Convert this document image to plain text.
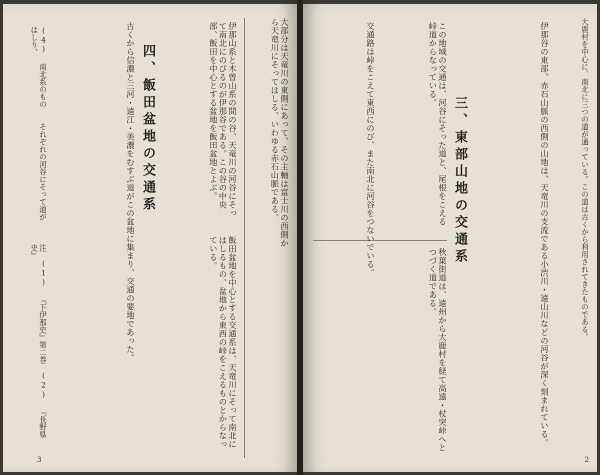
大部分は天竜川の東側にあって、その主軸は富士川の西側から天竜川にそってはしる、いわゆる赤石山脈である。
伊那山系と木曽山系の間の谷、天竜川の河谷にそって南北にのびるのが伊那谷である。この谷の中央部、飯田を中心とする盆地を飯田盆地とよぶ。
飯田盆地を中心とする交通系は、天竜川にそって南北にはしるもの、盆地から東西の峠をこえるものとからなっている。
四、飯田盆地の交通系
古くから信濃と三河・遠江・美濃をむすぶ道がこの盆地に集まり、交通の要地であった。
(4) 南北系のもの　　それぞれの河谷にそって道がはしり、
注　(1) 『下伊那史』第二巻　(2) 『長野県史』
3
大鹿村を中心に、南北に三つの道が通っている。この道は古くから利用されてきたものである。
伊那谷の東部、赤石山脈の西側の山地は、天竜川の支流である小渋川・遠山川などの河谷が深く刻まれている。
三、東部山地の交通系
この地域の交通は、河谷にそった道と、尾根をこえる峠道からなっている。
秋葉街道は、遠州から大鹿村を経て高遠・杖突峠へとつづく道である。
交通路は峠をこえて東西にのび、また南北に河谷をつないでいる。
2
